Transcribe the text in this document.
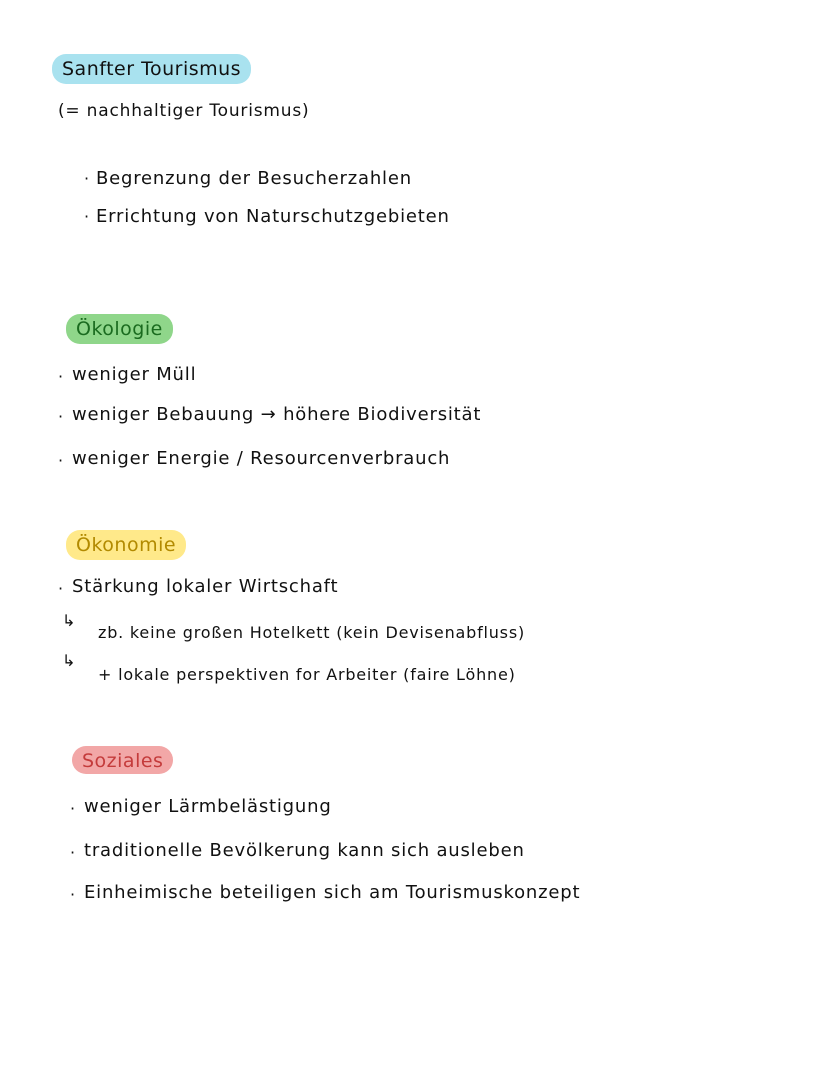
Sanfter Tourismus
(= nachhaltiger Tourismus)
· Begrenzung der Besucherzahlen
· Errichtung von Naturschutzgebieten
Ökologie
· weniger Müll
· weniger Bebauung → höhere Biodiversität
· weniger Energie / Resourcenverbrauch
Ökonomie
· Stärkung lokaler Wirtschaft
↳
zb. keine großen Hotelkett (kein Devisenabfluss)
↳
+ lokale perspektiven for Arbeiter (faire Löhne)
Soziales
· weniger Lärmbelästigung
· traditionelle Bevölkerung kann sich ausleben
· Einheimische beteiligen sich am Tourismuskonzept
